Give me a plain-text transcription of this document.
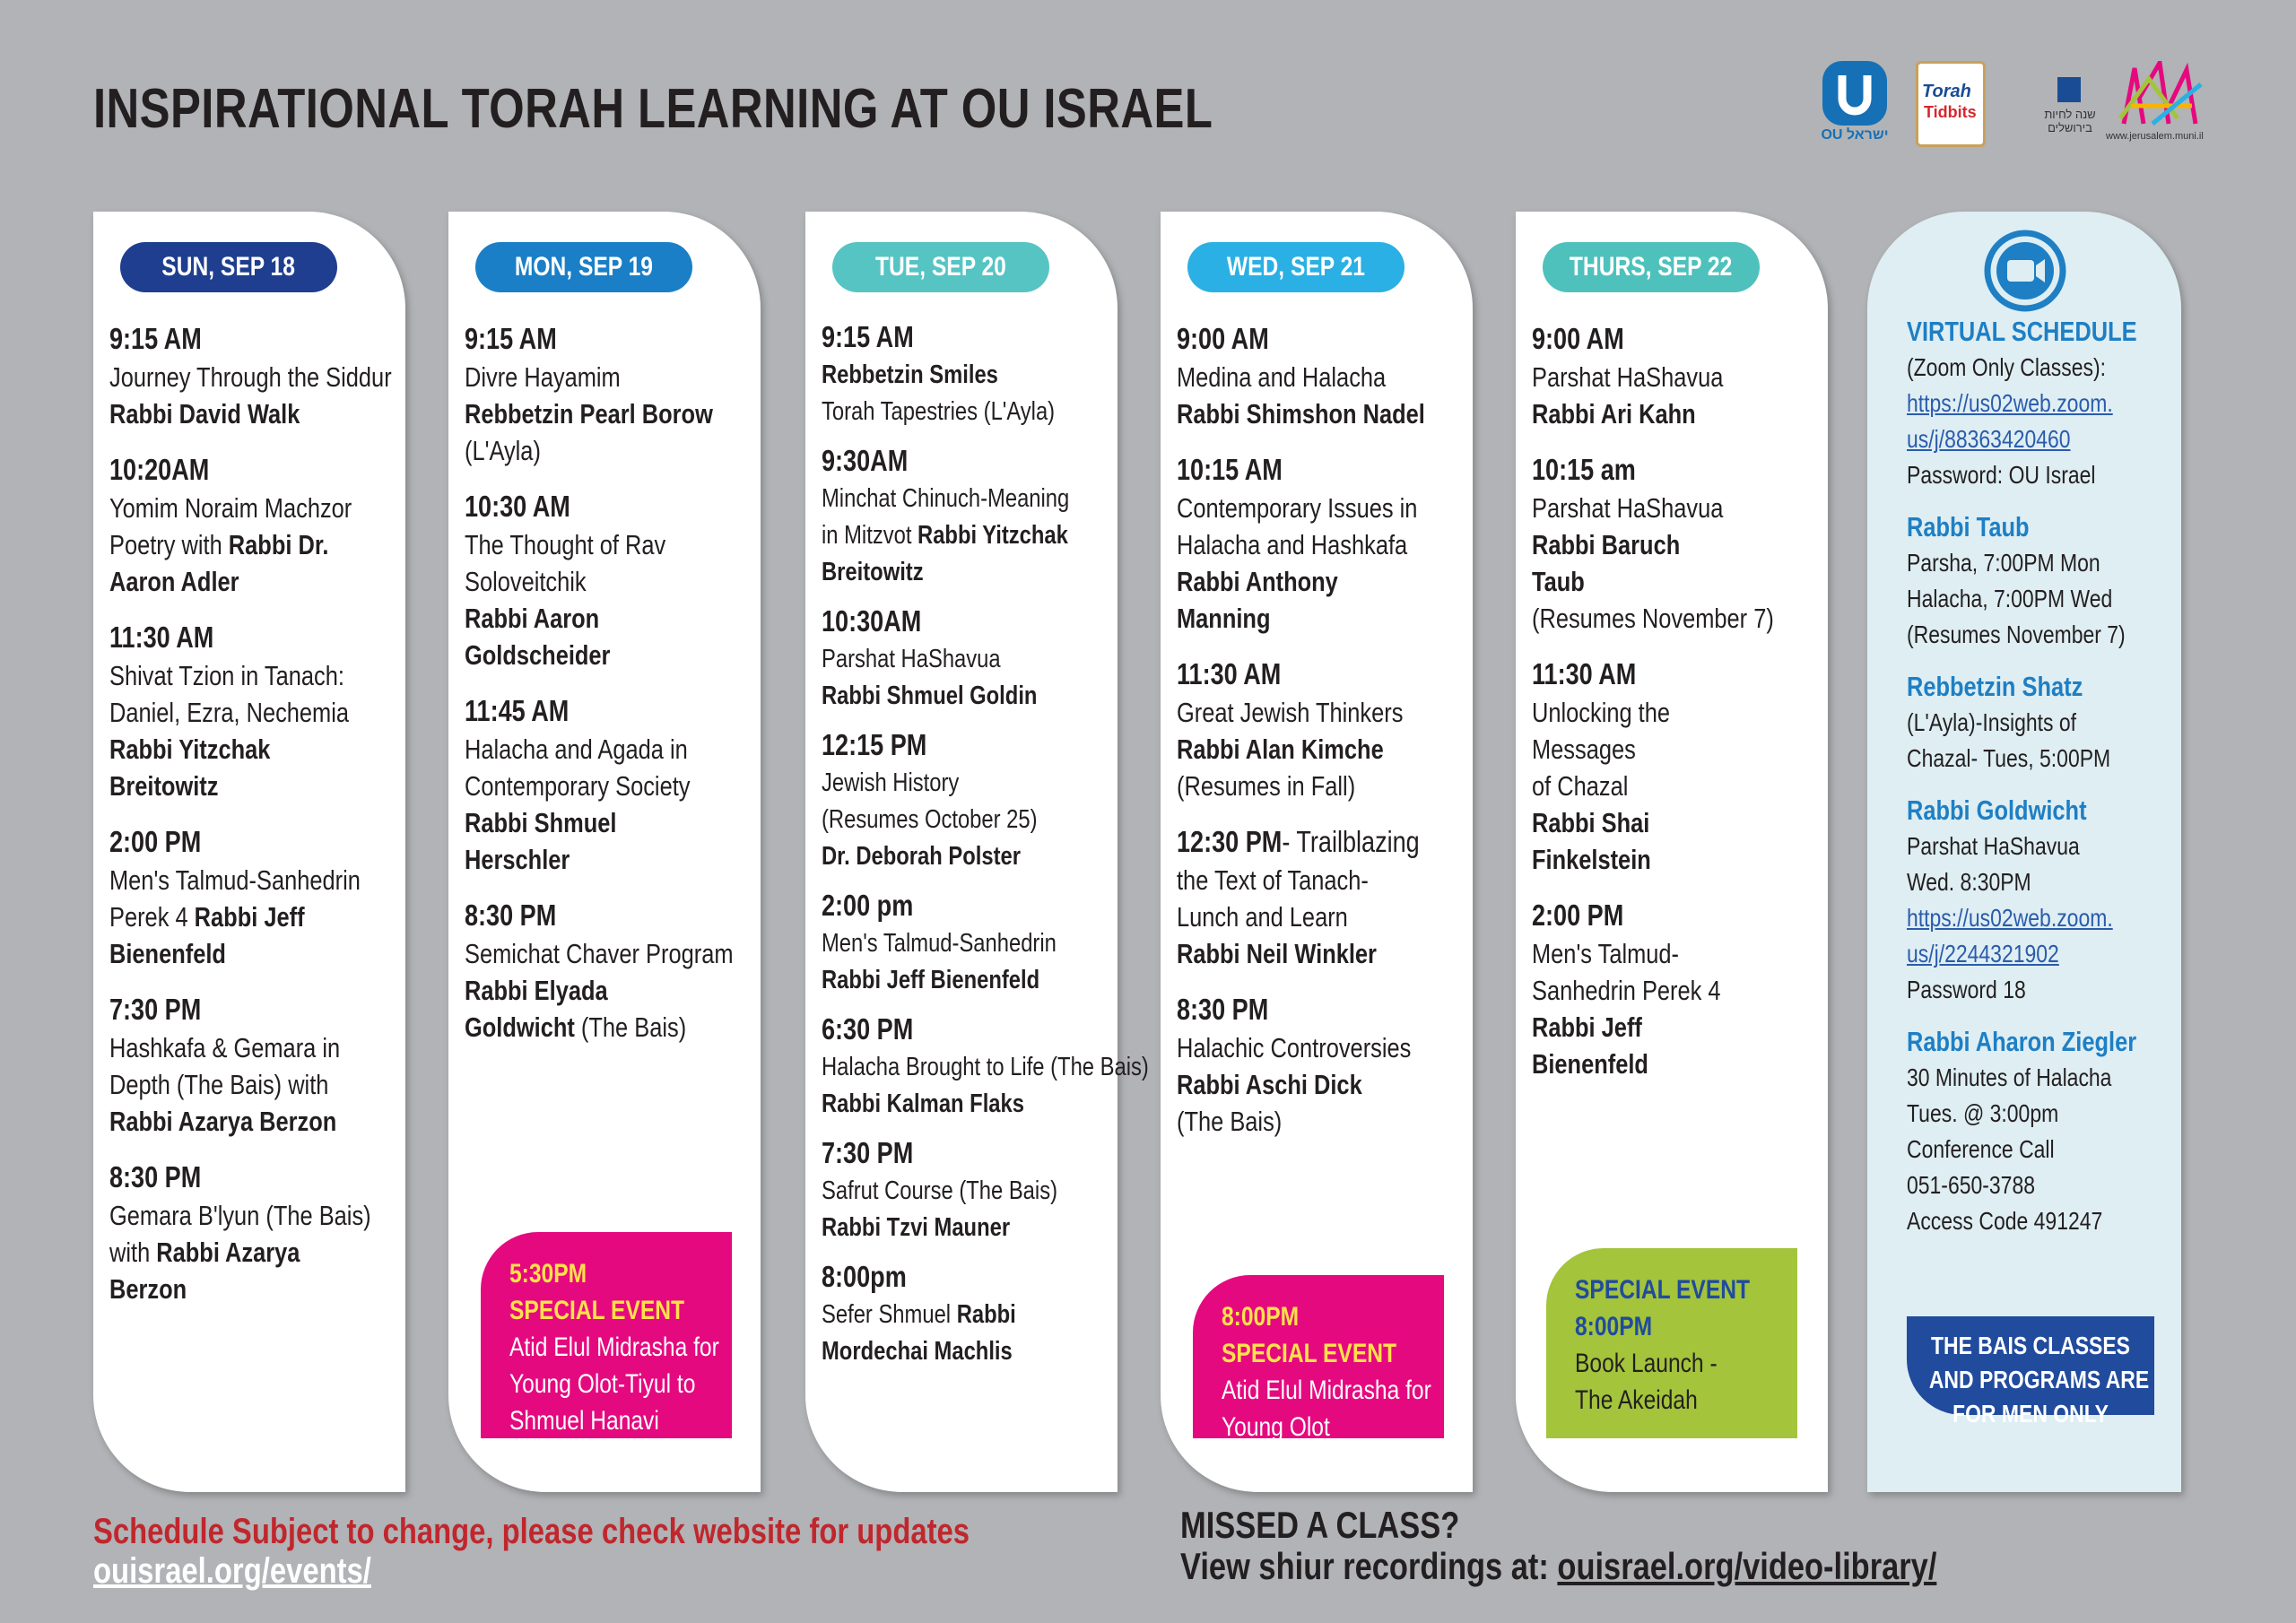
INSPIRATIONAL TORAH LEARNING AT OU ISRAEL	OU ישראל
Torah
Tidbits	שנה לחיות בירושלים
www.jerusalem.muni.il
SUN, SEP 18
9:15 AM
Journey Through the Siddur
Rabbi David Walk
10:20AM
Yomim Noraim Machzor
Poetry with Rabbi Dr.
Aaron Adler
11:30 AM
Shivat Tzion in Tanach:
Daniel, Ezra, Nechemia
Rabbi Yitzchak
Breitowitz
2:00 PM
Men's Talmud-Sanhedrin
Perek 4 Rabbi Jeff
Bienenfeld
7:30 PM
Hashkafa & Gemara in
Depth (The Bais) with
Rabbi Azarya Berzon
8:30 PM
Gemara B'lyun (The Bais)
with Rabbi Azarya
Berzon
MON, SEP 19
9:15 AM
Divre Hayamim
Rebbetzin Pearl Borow
(L'Ayla)
10:30 AM
The Thought of Rav
Soloveitchik
Rabbi Aaron
Goldscheider
11:45 AM
Halacha and Agada in
Contemporary Society
Rabbi Shmuel
Herschler
8:30 PM
Semichat Chaver Program
Rabbi Elyada
Goldwicht (The Bais)
5:30PM
SPECIAL EVENT
Atid Elul Midrasha for
Young Olot-Tiyul to
Shmuel Hanavi
TUE, SEP 20
9:15 AM
Rebbetzin Smiles
Torah Tapestries (L'Ayla)
9:30AM
Minchat Chinuch-Meaning
in Mitzvot Rabbi Yitzchak
Breitowitz
10:30AM
Parshat HaShavua
Rabbi Shmuel Goldin
12:15 PM
Jewish History
(Resumes October 25)
Dr. Deborah Polster
2:00 pm
Men's Talmud-Sanhedrin
Rabbi Jeff Bienenfeld
6:30 PM
Halacha Brought to Life (The Bais)
Rabbi Kalman Flaks
7:30 PM
Safrut Course (The Bais)
Rabbi Tzvi Mauner
8:00pm
Sefer Shmuel Rabbi
Mordechai Machlis
WED, SEP 21
9:00 AM
Medina and Halacha
Rabbi Shimshon Nadel
10:15 AM
Contemporary Issues in
Halacha and Hashkafa
Rabbi Anthony
Manning
11:30 AM
Great Jewish Thinkers
Rabbi Alan Kimche
(Resumes in Fall)
12:30 PM- Trailblazing
the Text of Tanach-
Lunch and Learn
Rabbi Neil Winkler
8:30 PM
Halachic Controversies
Rabbi Aschi Dick
(The Bais)
8:00PM
SPECIAL EVENT
Atid Elul Midrasha for
Young Olot
THURS, SEP 22
9:00 AM
Parshat HaShavua
Rabbi Ari Kahn
10:15 am
Parshat HaShavua
Rabbi Baruch
Taub
(Resumes November 7)
11:30 AM
Unlocking the
Messages
of Chazal
Rabbi Shai
Finkelstein
2:00 PM
Men's Talmud-
Sanhedrin Perek 4
Rabbi Jeff
Bienenfeld
SPECIAL EVENT
8:00PM
Book Launch -
The Akeidah
VIRTUAL SCHEDULE
(Zoom Only Classes):
https://us02web.zoom.
us/j/88363420460
Password: OU Israel
Rabbi Taub
Parsha, 7:00PM Mon
Halacha, 7:00PM Wed
(Resumes November 7)
Rebbetzin Shatz
(L'Ayla)-Insights of
Chazal- Tues, 5:00PM
Rabbi Goldwicht
Parshat HaShavua
Wed. 8:30PM
https://us02web.zoom.
us/j/2244321902
Password 18
Rabbi Aharon Ziegler
30 Minutes of Halacha
Tues. @ 3:00pm
Conference Call
051-650-3788
Access Code 491247
THE BAIS CLASSES
AND PROGRAMS ARE
FOR MEN ONLY
Schedule Subject to change, please check website for updates
ouisrael.org/events/
MISSED A CLASS?
View shiur recordings at: ouisrael.org/video-library/
